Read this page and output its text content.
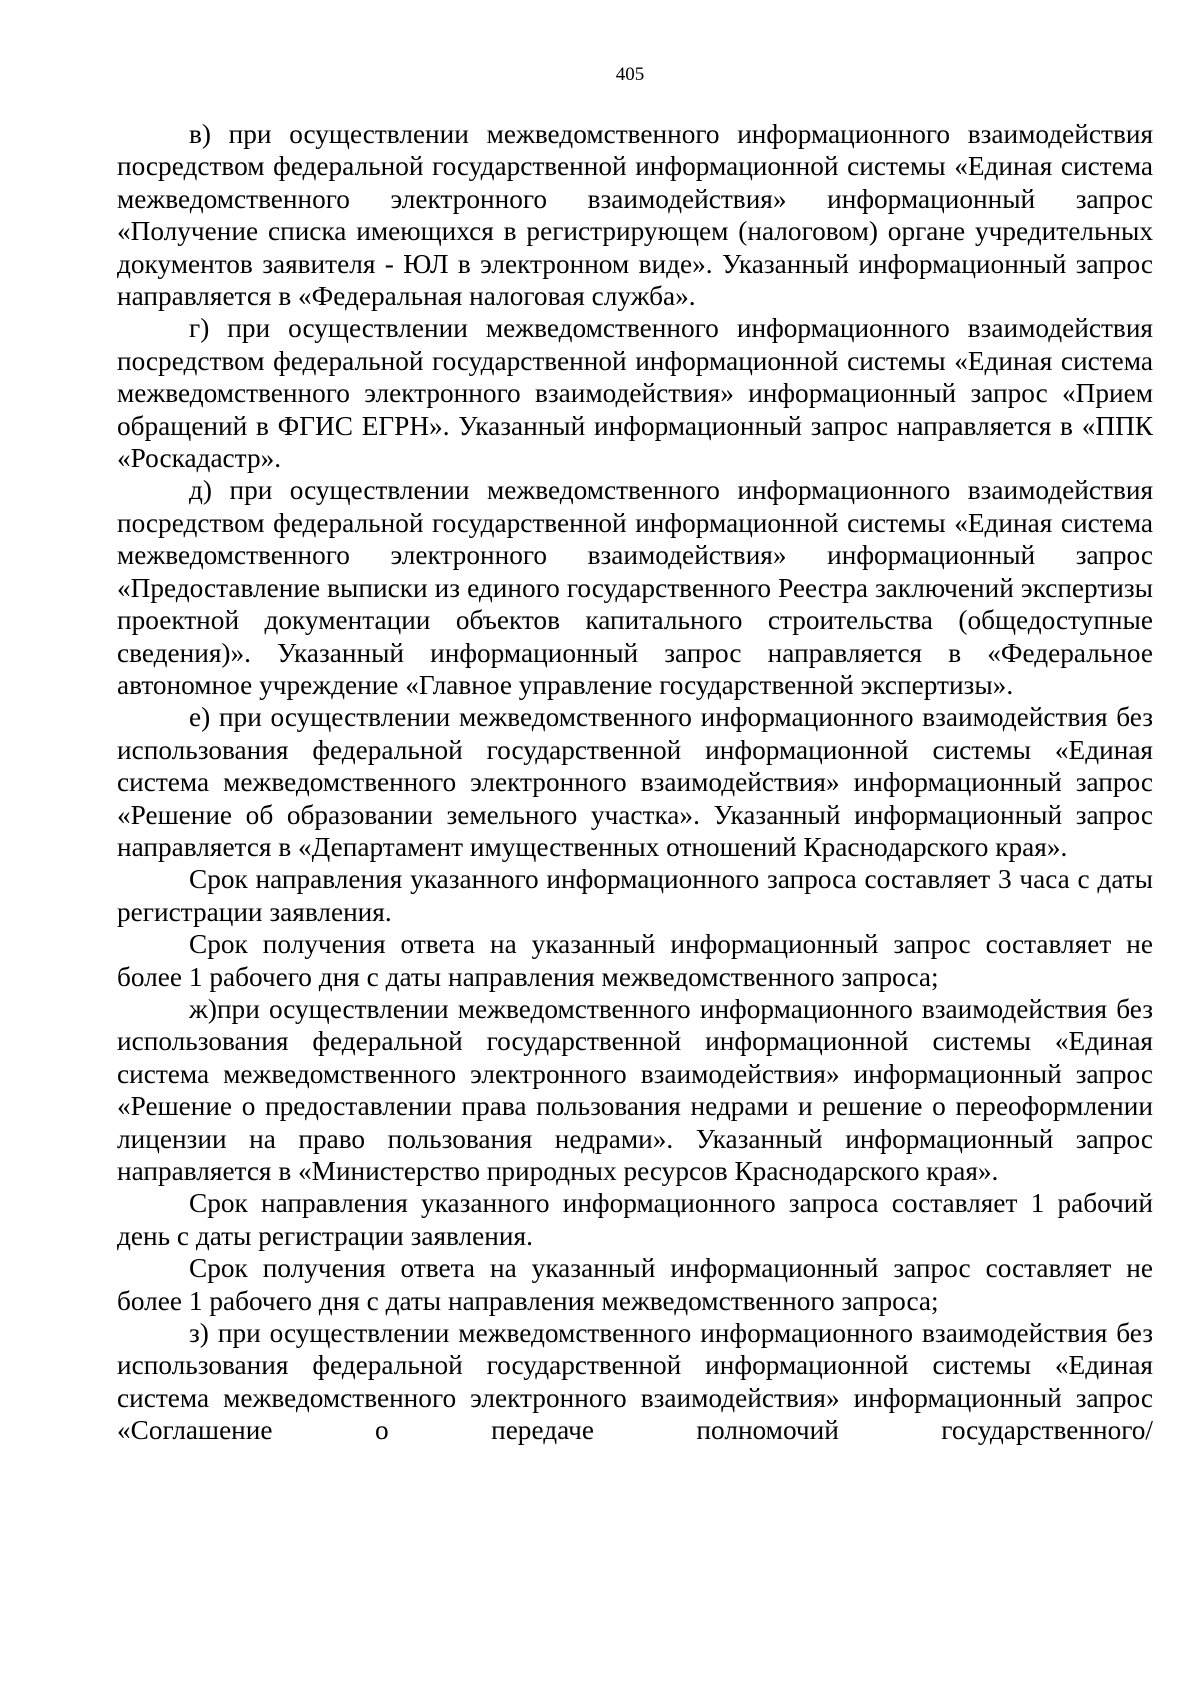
405

в) при осуществлении межведомственного информационного взаимодействия посредством федеральной государственной информационной системы «Единая система межведомственного электронного взаимодействия» информационный запрос «Получение списка имеющихся в регистрирующем (налоговом) органе учредительных документов заявителя - ЮЛ в электронном виде». Указанный информационный запрос направляется в «Федеральная налоговая служба».

г) при осуществлении межведомственного информационного взаимодействия посредством федеральной государственной информационной системы «Единая система межведомственного электронного взаимодействия» информационный запрос «Прием обращений в ФГИС ЕГРН». Указанный информационный запрос направляется в «ППК «Роскадастр».

д) при осуществлении межведомственного информационного взаимодействия посредством федеральной государственной информационной системы «Единая система межведомственного электронного взаимодействия» информационный запрос «Предоставление выписки из единого государственного Реестра заключений экспертизы проектной документации объектов капитального строительства (общедоступные сведения)». Указанный информационный запрос направляется в «Федеральное автономное учреждение «Главное управление государственной экспертизы».

е) при осуществлении межведомственного информационного взаимодействия без использования федеральной государственной информационной системы «Единая система межведомственного электронного взаимодействия» информационный запрос «Решение об образовании земельного участка». Указанный информационный запрос направляется в «Департамент имущественных отношений Краснодарского края».

Срок направления указанного информационного запроса составляет 3 часа с даты регистрации заявления.

Срок получения ответа на указанный информационный запрос составляет не более 1 рабочего дня с даты направления межведомственного запроса;

ж)при осуществлении межведомственного информационного взаимодействия без использования федеральной государственной информационной системы «Единая система межведомственного электронного взаимодействия» информационный запрос «Решение о предоставлении права пользования недрами и решение о переоформлении лицензии на право пользования недрами». Указанный информационный запрос направляется в «Министерство природных ресурсов Краснодарского края».

Срок направления указанного информационного запроса составляет 1 рабочий день с даты регистрации заявления.

Срок получения ответа на указанный информационный запрос составляет не более 1 рабочего дня с даты направления межведомственного запроса;

з) при осуществлении межведомственного информационного взаимодействия без использования федеральной государственной информационной системы «Единая система межведомственного электронного взаимодействия» информационный запрос «Соглашение о передаче полномочий государственного/
